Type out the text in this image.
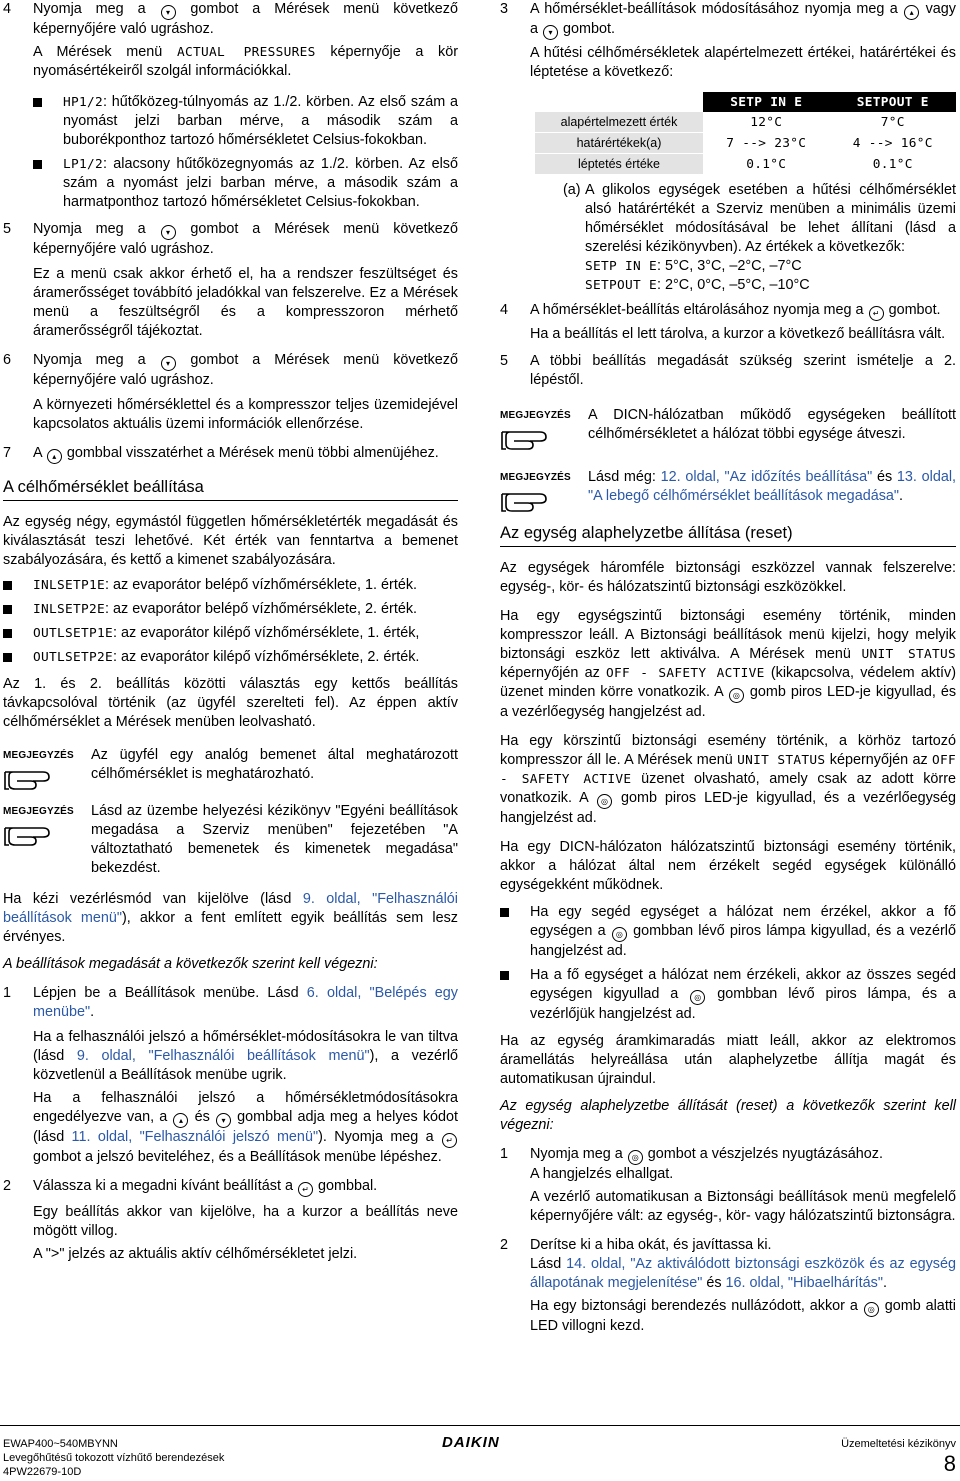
4 Nyomja meg a	▾ gombot a Mérések menü következő képernyőjére való ugráshoz.
A Mérések menü ACTUAL PRESSURES képernyője a kör nyomásértékeiről szolgál információkkal.
HP1/2: hűtőközeg-túlnyomás az 1./2. körben. Az első szám a nyomást jelzi barban mérve, a második szám a buborékponthoz tartozó hőmérsékletet Celsius-fokokban.
LP1/2: alacsony hűtőközegnyomás az 1./2. körben. Az első szám a nyomást jelzi barban mérve, a második szám a harmatponthoz tartozó hőmérsékletet Celsius-fokokban.
5 Nyomja meg a	▾ gombot a Mérések menü következő képernyőjére való ugráshoz.
Ez a menü csak akkor érhető el, ha a rendszer feszültséget és áramerősséget továbbító jeladókkal van felszerelve. Ez a Mérések menü a feszültségről és a kompresszoron mérhető áramerősségről tájékoztat.
6 Nyomja meg a	▾ gombot a Mérések menü következő képernyőjére való ugráshoz.
A környezeti hőmérséklettel és a kompresszor teljes üzemidejével kapcsolatos aktuális üzemi információk ellenőrzése.
7 A ▴ gombbal visszatérhet a Mérések menü többi almenüjéhez.
A célhőmérséklet beállítása
Az egység négy, egymástól független hőmérsékletérték megadását és kiválasztását teszi lehetővé. Két érték van fenntartva a bemenet szabályozására, és kettő a kimenet szabályozására.
INLSETP1E: az evaporátor belépő vízhőmérséklete, 1. érték.
INLSETP2E: az evaporátor belépő vízhőmérséklete, 2. érték.
OUTLSETP1E: az evaporátor kilépő vízhőmérséklete, 1. érték,
OUTLSETP2E: az evaporátor kilépő vízhőmérséklete, 2. érték.
Az 1. és 2. beállítás közötti választás egy kettős beállítás távkapcsolóval történik (az ügyfél szerelteti fel). Az éppen aktív célhőmérséklet a Mérések menüben leolvasható.
MEGJEGYZÉS	Az ügyfél egy analóg bemenet által meghatározott célhőmérséklet is meghatározható.
MEGJEGYZÉS	Lásd az üzembe helyezési kézikönyv "Egyéni beállítások megadása a Szerviz menüben" fejezetében "A változtatható bemenetek és kimenetek megadása" bekezdést.
Ha kézi vezérlésmód van kijelölve (lásd 9. oldal, "Felhasználói beállítások menü"), akkor a fent említett egyik beállítás sem lesz érvényes.
A beállítások megadását a következők szerint kell végezni:
1 Lépjen be a Beállítások menübe. Lásd 6. oldal, "Belépés egy menübe".
Ha a felhasználói jelszó a hőmérséklet-módosításokra le van tiltva (lásd 9. oldal, "Felhasználói beállítások menü"), a vezérlő közvetlenül a Beállítások menübe ugrik.
Ha a felhasználói jelszó a hőmérsékletmódosításokra engedélyezve van, a ▴ és ▾ gombbal adja meg a helyes kódot (lásd 11. oldal, "Felhasználói jelszó menü"). Nyomja meg a ↵ gombot a jelszó beviteléhez, és a Beállítások menübe lépéshez.
2 Válassza ki a megadni kívánt beállítást a ↵ gombbal.
Egy beállítás akkor van kijelölve, ha a kurzor a beállítás neve mögött villog.
A ">" jelzés az aktuális aktív célhőmérsékletet jelzi.
3 A hőmérséklet-beállítások módosításához nyomja meg a ▴ vagy a ▾ gombot.
A hűtési célhőmérsékletek alapértelmezett értékei, határértékei és léptetése a következő:
	SETP IN E	SETPOUT E
alapértelmezett érték	12°C	7°C
határértékek(a)	7 --> 23°C	4 --> 16°C
léptetés értéke	0.1°C	0.1°C
(a) A glikolos egységek esetében a hűtési célhőmérséklet alsó határértékét a Szerviz menüben a minimális üzemi hőmérséklet módosításával be lehet állítani (lásd a szerelési kézikönyvben). Az értékek a következők:
SETP IN E: 5°C, 3°C, –2°C, –7°C
SETPOUT E: 2°C, 0°C, –5°C, –10°C
4 A hőmérséklet-beállítás eltárolásához nyomja meg a ↵ gombot.
Ha a beállítás el lett tárolva, a kurzor a következő beállításra vált.
5 A többi beállítás megadását szükség szerint ismételje a 2. lépéstől.
MEGJEGYZÉS	A DICN-hálózatban működő egységeken beállított célhőmérsékletet a hálózat többi egysége átveszi.
MEGJEGYZÉS	Lásd még: 12. oldal, "Az időzítés beállítása" és 13. oldal, "A lebegő célhőmérséklet beállítások megadása".
Az egység alaphelyzetbe állítása (reset)
Az egységek háromféle biztonsági eszközzel vannak felszerelve: egység-, kör- és hálózatszintű biztonsági eszközökkel.
Ha egy egységszintű biztonsági esemény történik, minden kompresszor leáll. A Biztonsági beállítások menü kijelzi, hogy melyik biztonsági eszköz lett aktiválva. A Mérések menü UNIT STATUS képernyőjén az OFF - SAFETY ACTIVE (kikapcsolva, védelem aktív) üzenet minden körre vonatkozik. A ◎ gomb piros LED-je kigyullad, és a vezérlőegység hangjelzést ad.
Ha egy körszintű biztonsági esemény történik, a körhöz tartozó kompresszor áll le. A Mérések menü UNIT STATUS képernyőjén az OFF - SAFETY ACTIVE üzenet olvasható, amely csak az adott körre vonatkozik. A ◎ gomb piros LED-je kigyullad, és a vezérlőegység hangjelzést ad.
Ha egy DICN-hálózaton hálózatszintű biztonsági esemény történik, akkor a hálózat által nem érzékelt segéd egységek különálló egységekként működnek.
Ha egy segéd egységet a hálózat nem érzékel, akkor a fő egységen a ◎ gombban lévő piros lámpa kigyullad, és a vezérlő hangjelzést ad.
Ha a fő egységet a hálózat nem érzékeli, akkor az összes segéd egységen kigyullad a ◎ gombban lévő piros lámpa, és a vezérlőjük hangjelzést ad.
Ha az egység áramkimaradás miatt leáll, akkor az elektromos áramellátás helyreállása után alaphelyzetbe állítja magát és automatikusan újraindul.
Az egység alaphelyzetbe állítását (reset) a következők szerint kell végezni:
1 Nyomja meg a ◎ gombot a vészjelzés nyugtázásához.
A hangjelzés elhallgat.
A vezérlő automatikusan a Biztonsági beállítások menü megfelelő képernyőjére vált: az egység-, kör- vagy hálózatszintű biztonságra.
2 Derítse ki a hiba okát, és javíttassa ki.
Lásd 14. oldal, "Az aktiválódott biztonsági eszközök és az egység állapotának megjelenítése" és 16. oldal, "Hibaelhárítás".
Ha egy biztonsági berendezés nullázódott, akkor a ◎ gomb alatti LED villogni kezd.
EWAP400~540MBYNN
Levegőhűtésű tokozott vízhűtő berendezések
4PW22679-10D
DAIKIN	Üzemeltetési kézikönyv
8
